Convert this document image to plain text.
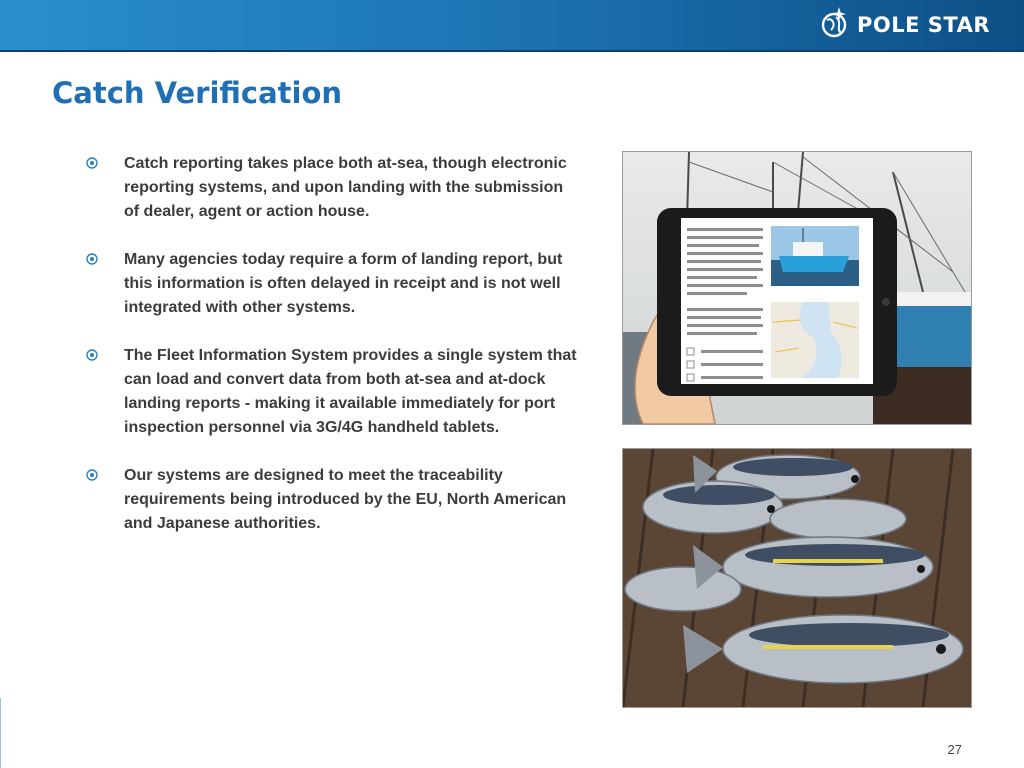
POLE STAR
Catch Verification
Catch reporting takes place both at-sea, though electronic reporting systems, and upon landing with the submission of dealer, agent or action house.
Many agencies today require a form of landing report, but this information is often delayed in receipt and is not well integrated with other systems.
The Fleet Information System provides a single system that can load and convert data from both at-sea and at-dock landing reports - making it available immediately for port inspection personnel via 3G/4G handheld tablets.
Our systems are designed to meet the traceability requirements being introduced by the EU, North American and Japanese authorities.
27
